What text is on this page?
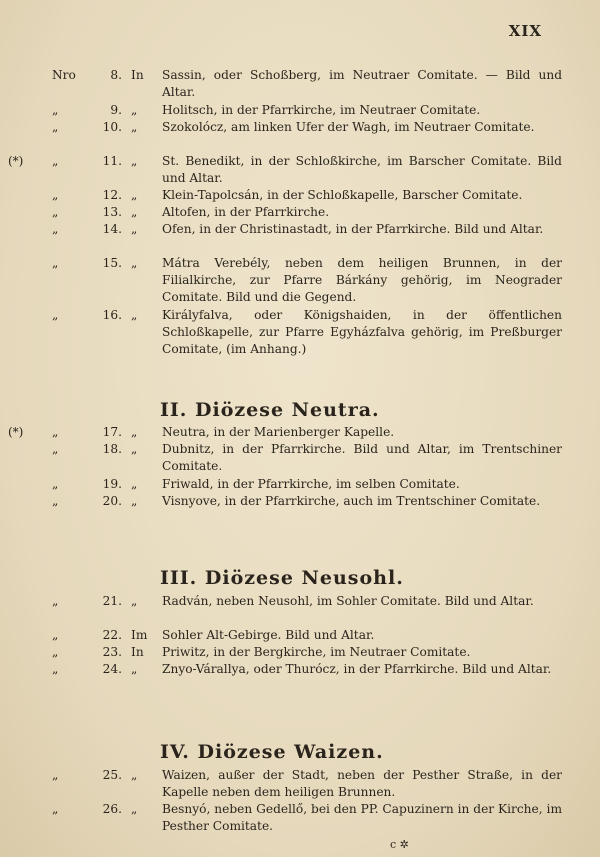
XIX
Nro	8. In Sassin, oder Schoßberg, im Neutraer Comitate. — Bild und Altar.
„	9. „ Holitsch, in der Pfarrkirche, im Neutraer Comitate.
„	10. „ Szokolócz, am linken Ufer der Wagh, im Neutraer Comitate.
(*) „	11. „ St. Benedikt, in der Schloßkirche, im Barscher Comitate. Bild und Altar.
„	12. „ Klein-Tapolcsán, in der Schloßkapelle, Barscher Comitate.
„	13. „ Altofen, in der Pfarrkirche.
„	14. „ Ofen, in der Christinastadt, in der Pfarrkirche. Bild und Altar.
„	15. „ Mátra Verebély, neben dem heiligen Brunnen, in der Filialkirche, zur Pfarre Bárkány gehörig, im Neograder Comitate. Bild und die Gegend.
„	16. „ Királyfalva, oder Königshaiden, in der öffentlichen Schloßkapelle, zur Pfarre Egyházfalva gehörig, im Preßburger Comitate, (im Anhang.)
II. Diözese Neutra.
(*) „	17. „ Neutra, in der Marienberger Kapelle.
„	18. „ Dubnitz, in der Pfarrkirche. Bild und Altar, im Trentschiner Comitate.
„	19. „ Friwald, in der Pfarrkirche, im selben Comitate.
„	20. „ Visnyove, in der Pfarrkirche, auch im Trentschiner Comitate.
III. Diözese Neusohl.
„	21. „ Radván, neben Neusohl, im Sohler Comitate. Bild und Altar.
„	22. Im Sohler Alt-Gebirge. Bild und Altar.
„	23. In Priwitz, in der Bergkirche, im Neutraer Comitate.
„	24. „ Znyo-Várallya, oder Thurócz, in der Pfarrkirche. Bild und Altar.
IV. Diözese Waizen.
„	25. „ Waizen, außer der Stadt, neben der Pesther Straße, in der Kapelle neben dem heiligen Brunnen.
„	26. „ Besnyó, neben Gedellő, bei den PP. Capuzinern in der Kirche, im Pesther Comitate.
c ✲
